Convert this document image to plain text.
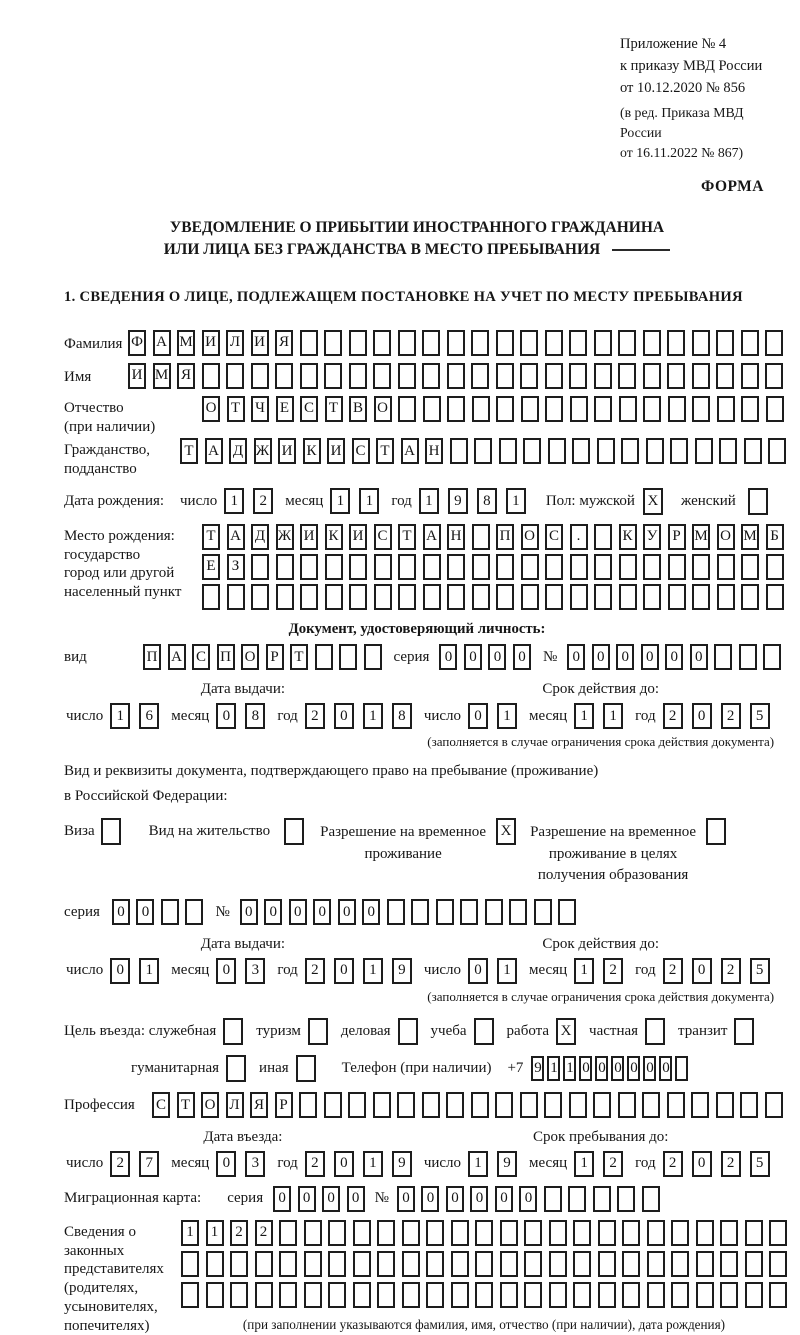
Приложение № 4
к приказу МВД России
от 10.12.2020 № 856
(в ред. Приказа МВД России
от 16.11.2022 № 867)
ФОРМА
УВЕДОМЛЕНИЕ О ПРИБЫТИИ ИНОСТРАННОГО ГРАЖДАНИНА
ИЛИ ЛИЦА БЕЗ ГРАЖДАНСТВА В МЕСТО ПРЕБЫВАНИЯ
1. СВЕДЕНИЯ О ЛИЦЕ, ПОДЛЕЖАЩЕМ ПОСТАНОВКЕ НА УЧЕТ ПО МЕСТУ ПРЕБЫВАНИЯ
Фамилия Ф А М И Л И Я
Имя	И М Я
Отчество
(при наличии)
О Т Ч Е С Т В О
Гражданство,
подданство
Т А Д Ж И К И С Т А Н
Дата рождения:	число 1	2	месяц 1	1	год 1	9	8	1	Пол: мужской X	женский
Место рождения:
государство
город или другой
населенный пункт
Т А Д Ж И К И С Т А Н	П О С	.	К У	Р М О М Б
Е	З
Документ, удостоверяющий личность:
вид	П А С П О Р	Т	серия	0	0	0	0	№	0	0	0	0	0	0
Дата выдачи:
число 1	6	месяц 0	8	год 2	0	1	8
Срок действия до:
число 0	1	месяц 1	1	год 2	0	2	5
(заполняется в случае ограничения срока действия документа)
Вид и реквизиты документа, подтверждающего право на пребывание (проживание)
в Российской Федерации:
Виза	Вид на жительство	Разрешение на временное
проживание
X	Разрешение на временное
проживание в целях
получения образования
серия	0	0	№	0	0	0	0	0	0
Дата выдачи:
число 0	1	месяц 0	3	год 2	0	1	9
Срок действия до:
число 0	1	месяц 1	2	год 2	0	2	5
(заполняется в случае ограничения срока действия документа)
Цель въезда: служебная	туризм	деловая	учеба	работа X	частная	транзит
гуманитарная	иная	Телефон (при наличии) +7 9 1 1 0 0 0 0 0 0
Профессия	С Т О Л Я	Р
Дата въезда:
число 2	7	месяц 0	3	год 2	0	1	9
Срок пребывания до:
число 1	9	месяц 1	2	год 2	0	2	5
Миграционная карта: серия	0	0	0	0	№ 0	0	0	0	0	0
Сведения о
законных
представителях
(родителях,
усыновителях,
попечителях)
1	1	2	2
(при заполнении указываются фамилия, имя, отчество (при наличии), дата рождения)
